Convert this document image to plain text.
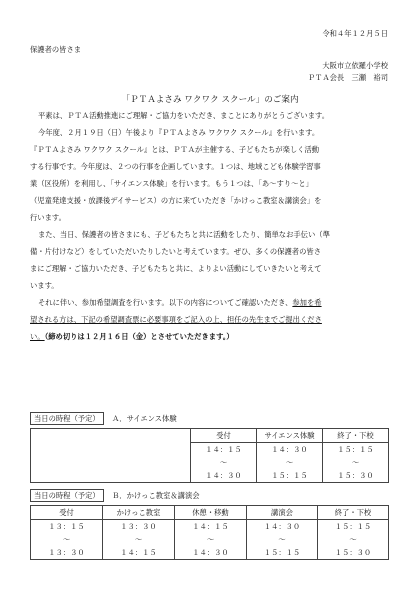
令和４年１２月５日
保護者の皆さま
大阪市立依羅小学校
ＰＴＡ会長　三瀬　裕司
「ＰＴＡよさみ ワクワク スクール」のご案内
平素は、ＰＴＡ活動推進にご理解・ご協力をいただき、まことにありがとうございます。
今年度、２月１９日（日）午後より『ＰＴＡよさみ ワクワク スクール』を行います。
『ＰＴＡよさみ ワクワク スクール』とは、ＰＴＡが主催する、子どもたちが楽しく活動
する行事です。今年度は、２つの行事を企画しています。１つは、地域こども体験学習事
業（区役所）を利用し、「サイエンス体験」を行います。もう１つは、「あ～すり～と」
（児童発達支援・放課後デイサービス）の方に来ていただき「かけっこ教室＆講演会」を
行います。
また、当日、保護者の皆さまにも、子どもたちと共に活動をしたり、簡単なお手伝い（準
備・片付けなど）をしていただいたりしたいと考えています。ぜひ、多くの保護者の皆さ
まにご理解・ご協力いただき、子どもたちと共に、よりよい活動にしていきたいと考えて
います。
それに伴い、参加希望調査を行います。以下の内容についてご確認いただき、参加を希
望される方は、下記の希望調査票に必要事項をご記入の上、担任の先生までご提出くださ
い。（締め切りは１２月１６日（金）とさせていただきます。）
当日の時程（予定） Ａ．サイエンス体験
	受付	サイエンス体験	終了・下校
	１４：１５	１４：３０	１５：１５
	～	～	～
	１４：３０	１５：１５	１５：３０
当日の時程（予定） Ｂ．かけっこ教室＆講演会
受付	かけっこ教室	休憩・移動	講演会	終了・下校
１３：１５	１３：３０	１４：１５	１４：３０	１５：１５
～	～	～	～	～
１３：３０	１４：１５	１４：３０	１５：１５	１５：３０
